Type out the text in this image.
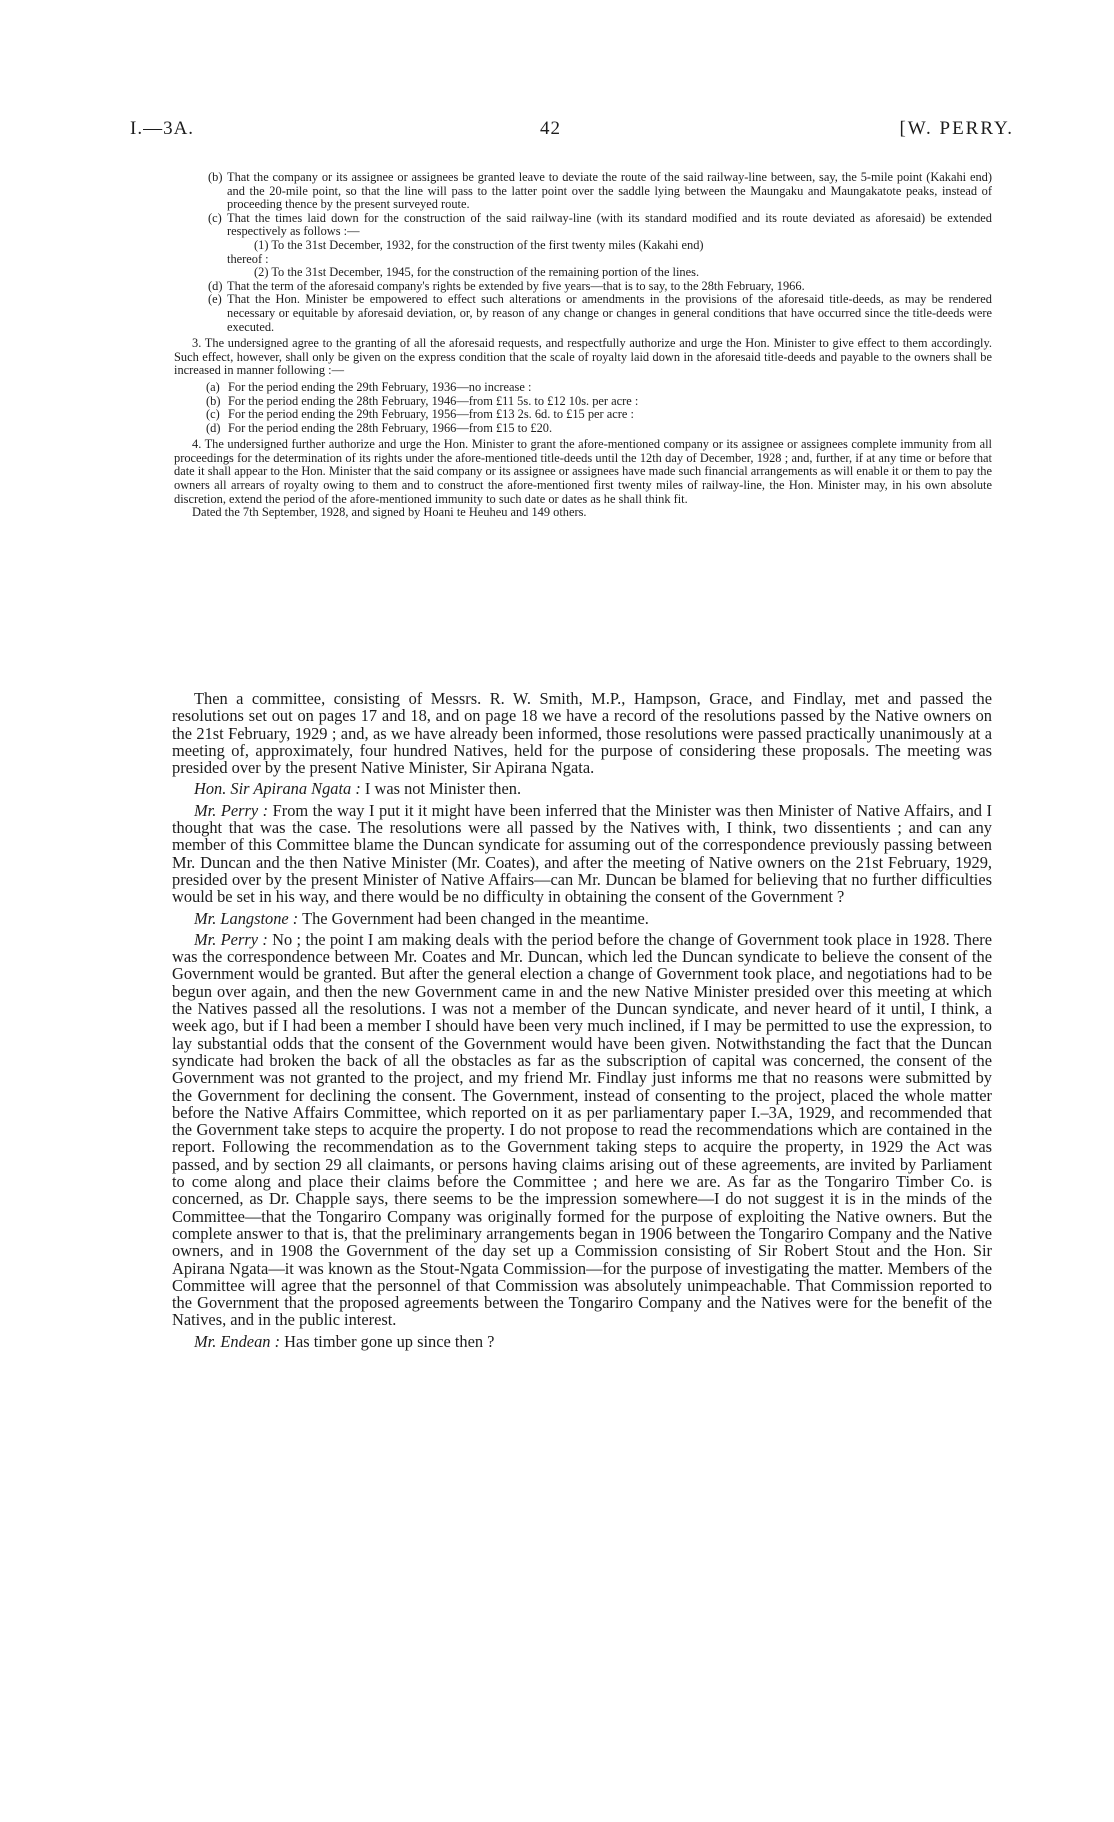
I.—3A.	42	[W. PERRY.

(b) That the company or its assignee or assignees be granted leave to deviate the route of the said railway-line between, say, the 5-mile point (Kakahi end) and the 20-mile point, so that the line will pass to the latter point over the saddle lying between the Maungaku and Maungakatote peaks, instead of proceeding thence by the present surveyed route.

(c) That the times laid down for the construction of the said railway-line (with its standard modified and its route deviated as aforesaid) be extended respectively as follows :—

(1) To the 31st December, 1932, for the construction of the first twenty miles (Kakahi end)

thereof :

(2) To the 31st December, 1945, for the construction of the remaining portion of the lines.

(d) That the term of the aforesaid company's rights be extended by five years—that is to say, to the 28th February, 1966.

(e) That the Hon. Minister be empowered to effect such alterations or amendments in the provisions of the aforesaid title-deeds, as may be rendered necessary or equitable by aforesaid deviation, or, by reason of any change or changes in general conditions that have occurred since the title-deeds were executed.

3. The undersigned agree to the granting of all the aforesaid requests, and respectfully authorize and urge the Hon. Minister to give effect to them accordingly. Such effect, however, shall only be given on the express condition that the scale of royalty laid down in the aforesaid title-deeds and payable to the owners shall be increased in manner following :—

(a) For the period ending the 29th February, 1936—no increase :

(b) For the period ending the 28th February, 1946—from £11 5s. to £12 10s. per acre :

(c) For the period ending the 29th February, 1956—from £13 2s. 6d. to £15 per acre :

(d) For the period ending the 28th February, 1966—from £15 to £20.

4. The undersigned further authorize and urge the Hon. Minister to grant the afore-mentioned company or its assignee or assignees complete immunity from all proceedings for the determination of its rights under the afore-mentioned title-deeds until the 12th day of December, 1928 ; and, further, if at any time or before that date it shall appear to the Hon. Minister that the said company or its assignee or assignees have made such financial arrangements as will enable it or them to pay the owners all arrears of royalty owing to them and to construct the afore-mentioned first twenty miles of railway-line, the Hon. Minister may, in his own absolute discretion, extend the period of the afore-mentioned immunity to such date or dates as he shall think fit.

Dated the 7th September, 1928, and signed by Hoani te Heuheu and 149 others.

Then a committee, consisting of Messrs. R. W. Smith, M.P., Hampson, Grace, and Findlay, met and passed the resolutions set out on pages 17 and 18, and on page 18 we have a record of the resolutions passed by the Native owners on the 21st February, 1929 ; and, as we have already been informed, those resolutions were passed practically unanimously at a meeting of, approximately, four hundred Natives, held for the purpose of considering these proposals. The meeting was presided over by the present Native Minister, Sir Apirana Ngata.

Hon. Sir Apirana Ngata : I was not Minister then.

Mr. Perry : From the way I put it it might have been inferred that the Minister was then Minister of Native Affairs, and I thought that was the case. The resolutions were all passed by the Natives with, I think, two dissentients ; and can any member of this Committee blame the Duncan syndicate for assuming out of the correspondence previously passing between Mr. Duncan and the then Native Minister (Mr. Coates), and after the meeting of Native owners on the 21st February, 1929, presided over by the present Minister of Native Affairs—can Mr. Duncan be blamed for believing that no further difficulties would be set in his way, and there would be no difficulty in obtaining the consent of the Government ?

Mr. Langstone : The Government had been changed in the meantime.

Mr. Perry : No ; the point I am making deals with the period before the change of Government took place in 1928. There was the correspondence between Mr. Coates and Mr. Duncan, which led the Duncan syndicate to believe the consent of the Government would be granted. But after the general election a change of Government took place, and negotiations had to be begun over again, and then the new Government came in and the new Native Minister presided over this meeting at which the Natives passed all the resolutions. I was not a member of the Duncan syndicate, and never heard of it until, I think, a week ago, but if I had been a member I should have been very much inclined, if I may be permitted to use the expression, to lay substantial odds that the consent of the Government would have been given. Notwithstanding the fact that the Duncan syndicate had broken the back of all the obstacles as far as the subscription of capital was concerned, the consent of the Government was not granted to the project, and my friend Mr. Findlay just informs me that no reasons were submitted by the Government for declining the consent. The Government, instead of consenting to the project, placed the whole matter before the Native Affairs Committee, which reported on it as per parliamentary paper I.–3A, 1929, and recommended that the Government take steps to acquire the property. I do not propose to read the recommendations which are contained in the report. Following the recommendation as to the Government taking steps to acquire the property, in 1929 the Act was passed, and by section 29 all claimants, or persons having claims arising out of these agreements, are invited by Parliament to come along and place their claims before the Committee ; and here we are. As far as the Tongariro Timber Co. is concerned, as Dr. Chapple says, there seems to be the impression somewhere—I do not suggest it is in the minds of the Committee—that the Tongariro Company was originally formed for the purpose of exploiting the Native owners. But the complete answer to that is, that the preliminary arrangements began in 1906 between the Tongariro Company and the Native owners, and in 1908 the Government of the day set up a Commission consisting of Sir Robert Stout and the Hon. Sir Apirana Ngata—it was known as the Stout-Ngata Commission—for the purpose of investigating the matter. Members of the Committee will agree that the personnel of that Commission was absolutely unimpeachable. That Commission reported to the Government that the proposed agreements between the Tongariro Company and the Natives were for the benefit of the Natives, and in the public interest.

Mr. Endean : Has timber gone up since then ?
